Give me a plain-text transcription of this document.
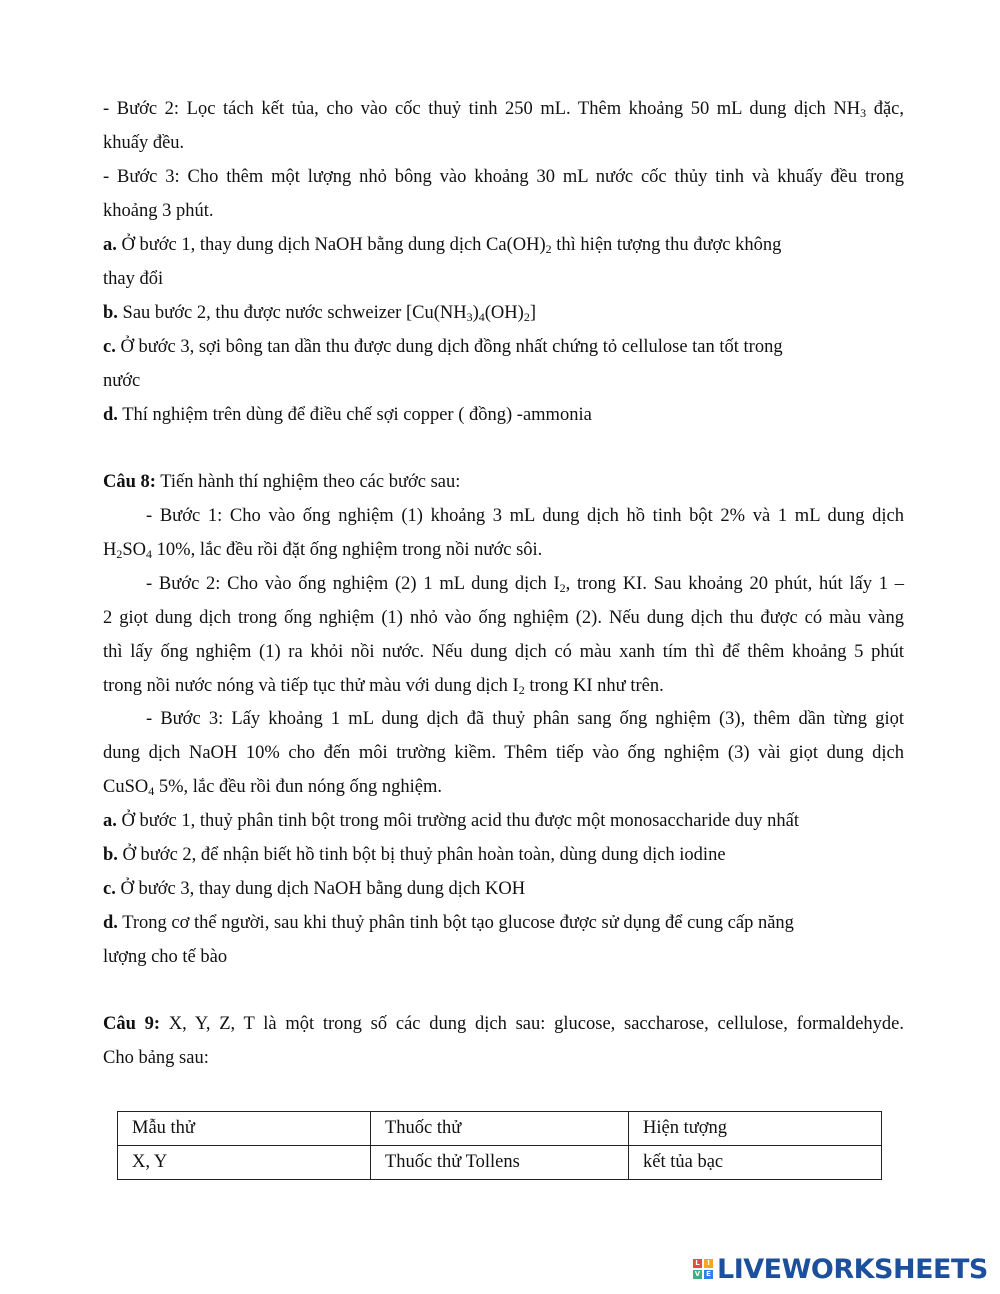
- Bước 2: Lọc tách kết tủa, cho vào cốc thuỷ tinh 250 mL. Thêm khoảng 50 mL dung dịch $NH_3$ đặc,
khuấy đều.
- Bước 3: Cho thêm một lượng nhỏ bông vào khoảng 30 mL nước cốc thủy tinh và khuấy đều trong
khoảng 3 phút.
a. Ở bước 1, thay dung dịch NaOH bằng dung dịch $Ca(OH)_2$ thì hiện tượng thu được không
thay đổi
b. Sau bước 2, thu được nước schweizer $[Cu(NH_3)_4(OH)_2]$
c. Ở bước 3, sợi bông tan dần thu được dung dịch đồng nhất chứng tỏ cellulose tan tốt trong
nước
d. Thí nghiệm trên dùng để điều chế sợi copper ( đồng) -ammonia
Câu 8: Tiến hành thí nghiệm theo các bước sau:
- Bước 1: Cho vào ống nghiệm (1) khoảng 3 mL dung dịch hồ tinh bột 2% và 1 mL dung dịch
$H_2SO_4$ 10%, lắc đều rồi đặt ống nghiệm trong nồi nước sôi.
- Bước 2: Cho vào ống nghiệm (2) 1 mL dung dịch $I_2$, trong KI. Sau khoảng 20 phút, hút lấy 1 –
2 giọt dung dịch trong ống nghiệm (1) nhỏ vào ống nghiệm (2). Nếu dung dịch thu được có màu vàng
thì lấy ống nghiệm (1) ra khỏi nồi nước. Nếu dung dịch có màu xanh tím thì để thêm khoảng 5 phút
trong nồi nước nóng và tiếp tục thử màu với dung dịch $I_2$ trong KI như trên.
- Bước 3: Lấy khoảng 1 mL dung dịch đã thuỷ phân sang ống nghiệm (3), thêm dần từng giọt
dung dịch NaOH 10% cho đến môi trường kiềm. Thêm tiếp vào ống nghiệm (3) vài giọt dung dịch
CuSO$_4$ 5%, lắc đều rồi đun nóng ống nghiệm.
a. Ở bước 1, thuỷ phân tinh bột trong môi trường acid thu được một monosaccharide duy nhất
b. Ở bước 2, để nhận biết hồ tinh bột bị thuỷ phân hoàn toàn, dùng dung dịch iodine
c. Ở bước 3, thay dung dịch NaOH bằng dung dịch KOH
d. Trong cơ thể người, sau khi thuỷ phân tinh bột tạo glucose được sử dụng để cung cấp năng
lượng cho tế bào
Câu 9: X, Y, Z, T là một trong số các dung dịch sau: glucose, saccharose, cellulose, formaldehyde.
Cho bảng sau:
Mẫu thử	Thuốc thử	Hiện tượng
X, Y	Thuốc thử Tollens	kết tủa bạc
L	I
V E LIVEWORKSHEETS
